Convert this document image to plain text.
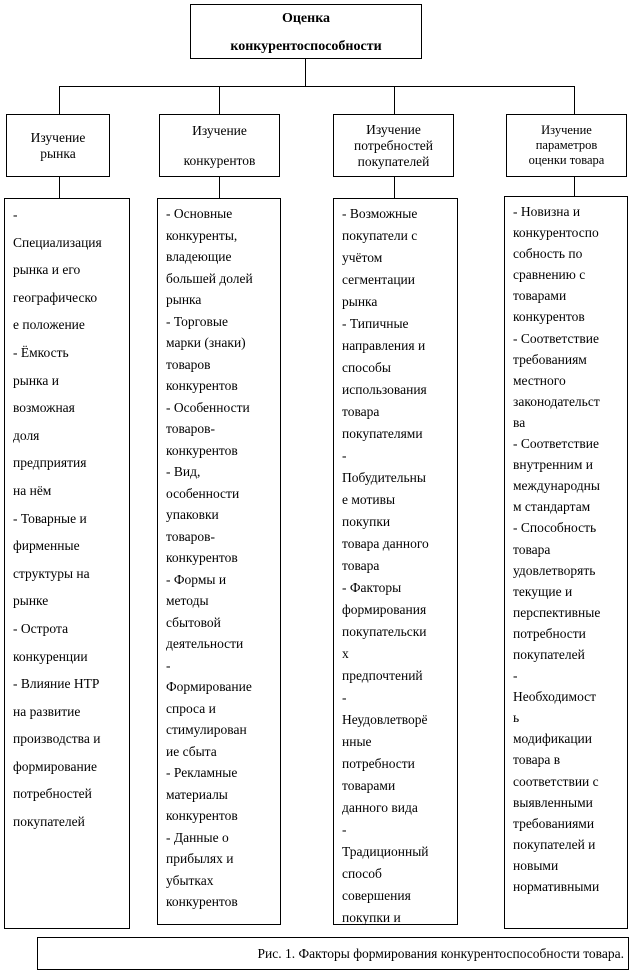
Оценка
конкурентоспособности
Изучение
рынка
Изучение
конкурентов
Изучение
потребностей
покупателей
Изучение
параметров
оценки товара
-
Специализация
рынка и его
географическо
е положение
- Ёмкость
рынка и
возможная
доля
предприятия
на нём
- Товарные и
фирменные
структуры на
рынке
- Острота
конкуренции
- Влияние НТР
на развитие
производства и
формирование
потребностей
покупателей
- Основные
конкуренты,
владеющие
большей долей
рынка
- Торговые
марки (знаки)
товаров
конкурентов
- Особенности
товаров-
конкурентов
- Вид,
особенности
упаковки
товаров-
конкурентов
- Формы и
методы
сбытовой
деятельности
-
Формирование
спроса и
стимулирован
ие сбыта
- Рекламные
материалы
конкурентов
- Данные о
прибылях и
убытках
конкурентов
- Возможные
покупатели с
учётом
сегментации
рынка
- Типичные
направления и
способы
использования
товара
покупателями
-
Побудительны
е мотивы
покупки
товара данного
товара
- Факторы
формирования
покупательски
х
предпочтений
-
Неудовлетворё
нные
потребности
товарами
данного вида
-
Традиционный
способ
совершения
покупки и
- Новизна и
конкурентоспо
собность по
сравнению с
товарами
конкурентов
- Соответствие
требованиям
местного
законодательст
ва
- Соответствие
внутренним и
международны
м стандартам
- Способность
товара
удовлетворять
текущие и
перспективные
потребности
покупателей
-
Необходимост
ь
модификации
товара в
соответствии с
выявленными
требованиями
покупателей и
новыми
нормативными
Рис. 1. Факторы формирования конкурентоспособности товара.
